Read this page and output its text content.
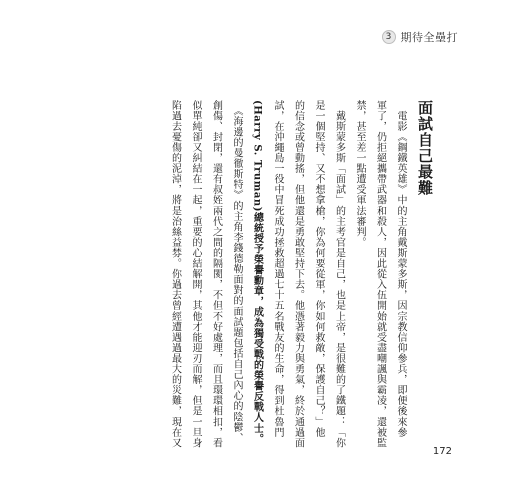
3 期待全壘打
面試自己最難

　電影《鋼鐵英雄》中的主角戴斯蒙多斯，因宗教信仰參兵，即便後來參

軍了，仍拒絕攜帶武器和殺人，因此從入伍開始就受盡嘲諷與霸凌，還被監

禁，甚至差一點遭受軍法審判。

　戴斯蒙多斯「面試」的主考官是自己，也是上帝，是很難的了鐵題：「你

是一個堅持、又不想拿槍，你為何要從軍，你如何救敵，保護自己？」他

的信念或曾動搖，但他還是勇敢堅持下去。他憑著毅力與勇氣，終於通過面

試，在沖繩島一役中冒死成功拯救超過七十五名戰友的生命，得到杜魯門

(Harry S. Truman)總統授予榮譽勳章，成為獨受戰的榮譽反戰人士。

　《海邊的曼徹斯特》的主角李錢德勒面對的面試題包括自己內心的陰鬱、

創傷、封閉，還有叔姪兩代之間的隔閡，不但不好處理，而且環環相扣，看

似單純卻又糾結在一起，重要的心結解開，其他才能迎刃而解，但是一旦身

陷過去憂傷的泥淖，將是治絲益棼。你過去曾經遭遇過最大的災難，現在又

172
